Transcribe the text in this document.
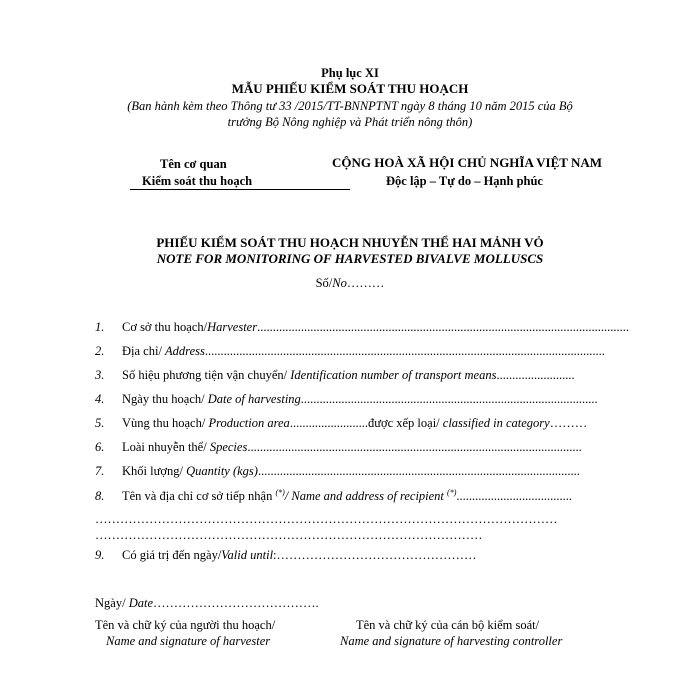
Phụ lục XI
MẪU PHIẾU KIỂM SOÁT THU HOẠCH
(Ban hành kèm theo Thông tư 33 /2015/TT-BNNPTNT ngày 8 tháng 10 năm 2015 của Bộ
trưởng Bộ Nông nghiệp và Phát triển nông thôn)
Tên cơ quan
Kiểm soát thu hoạch
CỘNG HOÀ XÃ HỘI CHỦ NGHĨA VIỆT NAM
Độc lập – Tự do – Hạnh phúc
PHIẾU KIỂM SOÁT THU HOẠCH NHUYỄN THỂ HAI MẢNH VỎ
NOTE FOR MONITORING OF HARVESTED BIVALVE MOLLUSCS
Số/No………
1. Cơ sở thu hoạch/Harvester.......................................................................................................................
2. Địa chỉ/ Address................................................................................................................................
3. Số hiệu phương tiện vận chuyển/ Identification number of transport means.........................
4. Ngày thu hoạch/ Date of harvesting...............................................................................................
5. Vùng thu hoạch/ Production area.........................được xếp loại/ classified in category………
6. Loài nhuyễn thể/ Species...........................................................................................................
7. Khối lượng/ Quantity (kgs).......................................................................................................
8. Tên và địa chỉ cơ sở tiếp nhận (*)/ Name and address of recipient (*).....................................
…………………………………………………………………………………………………
…………………………………………………………………………………
9. Có giá trị đến ngày/Valid until:…………………………………………
Ngày/ Date………………………………….
Tên và chữ ký của người thu hoạch/
Name and signature of harvester
Tên và chữ ký của cán bộ kiểm soát/
Name and signature of harvesting controller
